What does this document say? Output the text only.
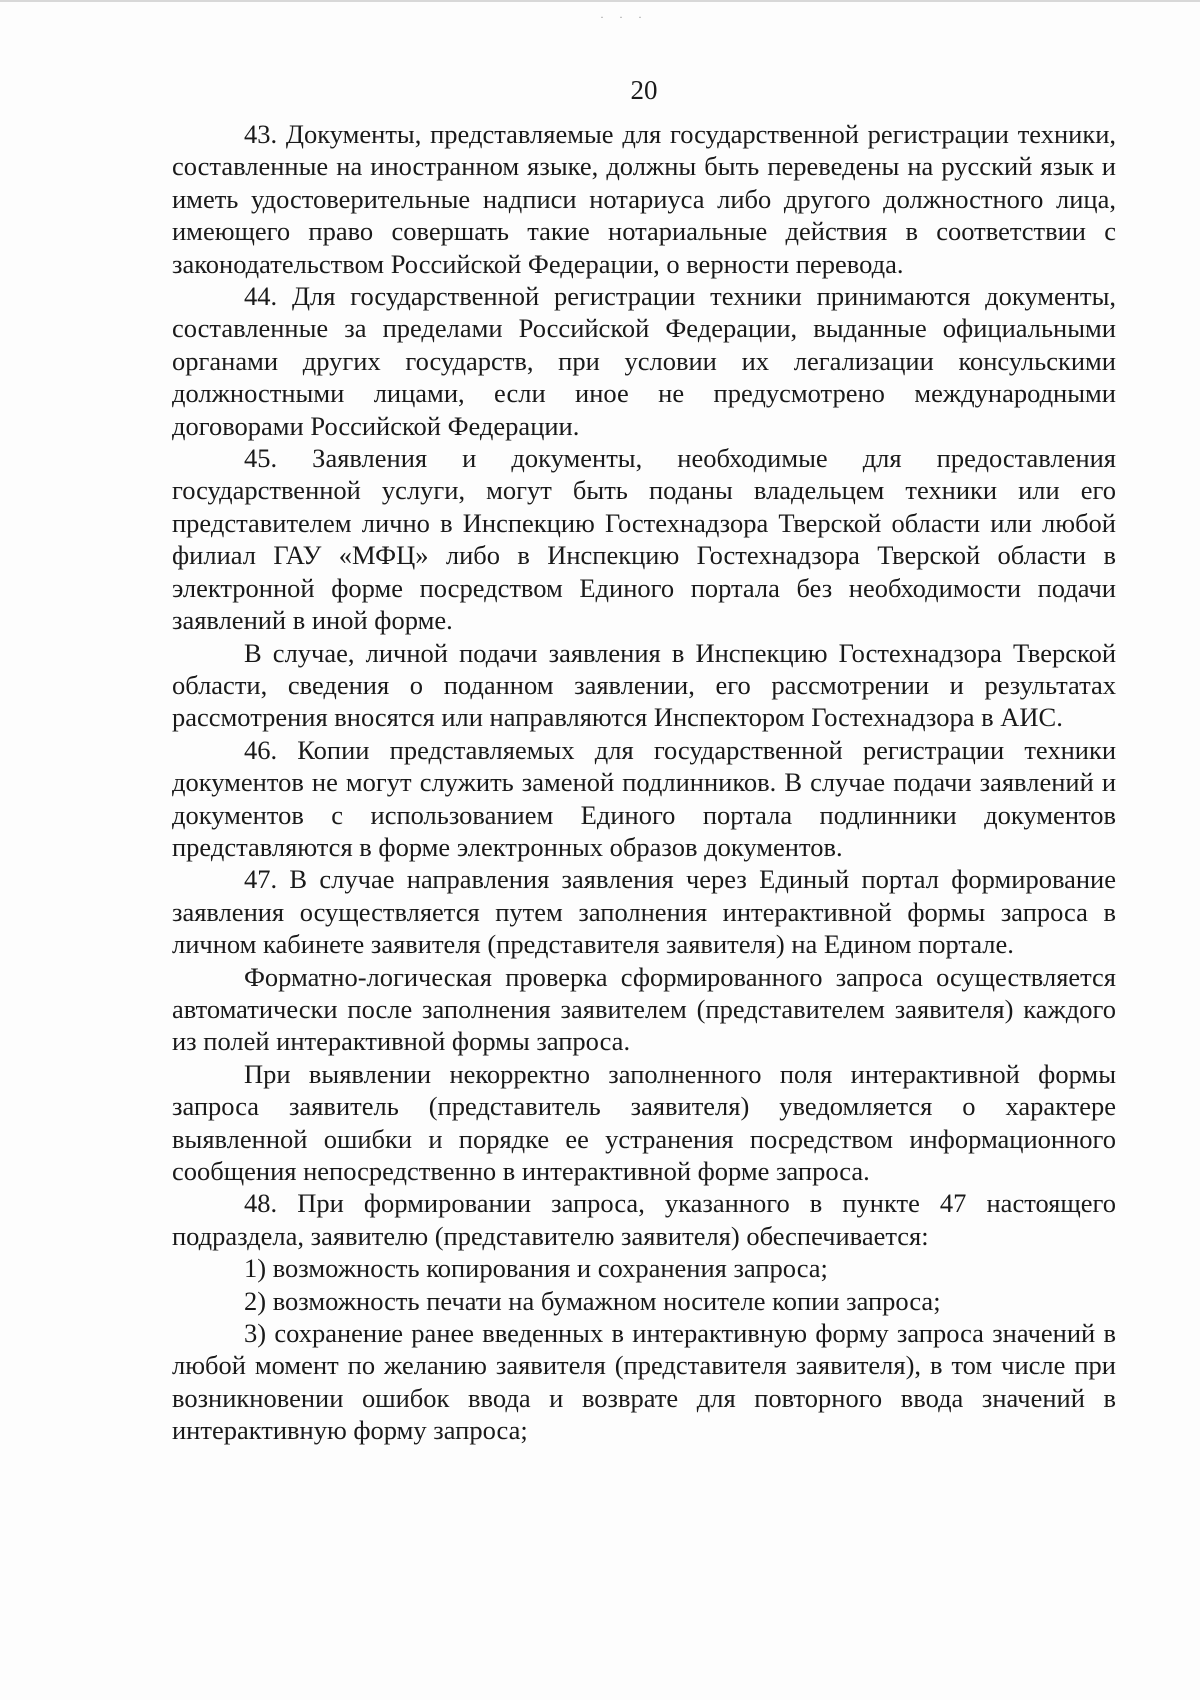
· · ·
20

43. Документы, представляемые для государственной регистрации техники, составленные на иностранном языке, должны быть переведены на русский язык и иметь удостоверительные надписи нотариуса либо другого должностного лица, имеющего право совершать такие нотариальные действия в соответствии с законодательством Российской Федерации, о верности перевода.

44. Для государственной регистрации техники принимаются документы, составленные за пределами Российской Федерации, выданные официальными органами других государств, при условии их легализации консульскими должностными лицами, если иное не предусмотрено международными договорами Российской Федерации.

45. Заявления и документы, необходимые для предоставления государственной услуги, могут быть поданы владельцем техники или его представителем лично в Инспекцию Гостехнадзора Тверской области или любой филиал ГАУ «МФЦ» либо в Инспекцию Гостехнадзора Тверской области в электронной форме посредством Единого портала без необходимости подачи заявлений в иной форме.

В случае, личной подачи заявления в Инспекцию Гостехнадзора Тверской области, сведения о поданном заявлении, его рассмотрении и результатах рассмотрения вносятся или направляются Инспектором Гостехнадзора в АИС.

46. Копии представляемых для государственной регистрации техники документов не могут служить заменой подлинников. В случае подачи заявлений и документов с использованием Единого портала подлинники документов представляются в форме электронных образов документов.

47. В случае направления заявления через Единый портал формирование заявления осуществляется путем заполнения интерактивной формы запроса в личном кабинете заявителя (представителя заявителя) на Едином портале.

Форматно-логическая проверка сформированного запроса осуществляется автоматически после заполнения заявителем (представителем заявителя) каждого из полей интерактивной формы запроса.

При выявлении некорректно заполненного поля интерактивной формы запроса заявитель (представитель заявителя) уведомляется о характере выявленной ошибки и порядке ее устранения посредством информационного сообщения непосредственно в интерактивной форме запроса.

48. При формировании запроса, указанного в пункте 47 настоящего подраздела, заявителю (представителю заявителя) обеспечивается:

1) возможность копирования и сохранения запроса;

2) возможность печати на бумажном носителе копии запроса;

3) сохранение ранее введенных в интерактивную форму запроса значений в любой момент по желанию заявителя (представителя заявителя), в том числе при возникновении ошибок ввода и возврате для повторного ввода значений в интерактивную форму запроса;
